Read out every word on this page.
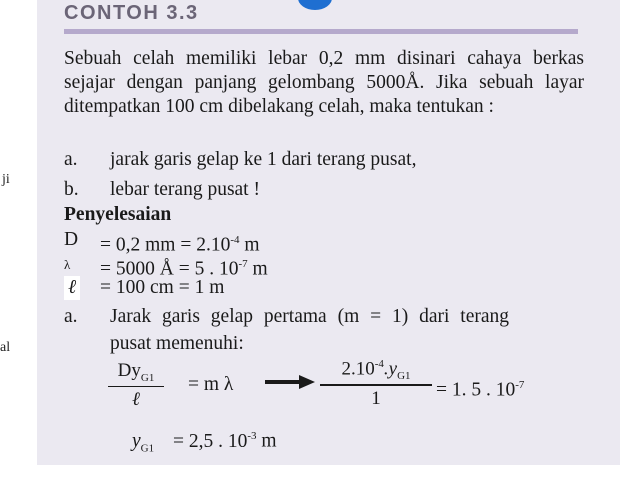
ji
al
CONTOH 3.3
Sebuah celah memiliki lebar 0,2 mm disinari cahaya berkas sejajar dengan panjang gelombang 5000Å. Jika sebuah layar ditempatkan 100 cm dibelakang celah, maka tentukan :
a. jarak garis gelap ke 1 dari terang pusat,
b. lebar terang pusat !
Penyelesaian
D = 0,2 mm = $2.10^{-4}$ m
λ = 5000 Å = 5 . $10^{-7}$ m
ℓ = 100 cm = 1 m
a. Jarak garis gelap pertama (m = 1) dari terang
pusat memenuhi:
$Dy_{G1}$
ℓ
= m λ
$2.10^{-4}.y_{G1}$
1	= 1. 5 . $10^{-7}$
$y_{G1} = 2,5$ . $10^{-3}$ m
